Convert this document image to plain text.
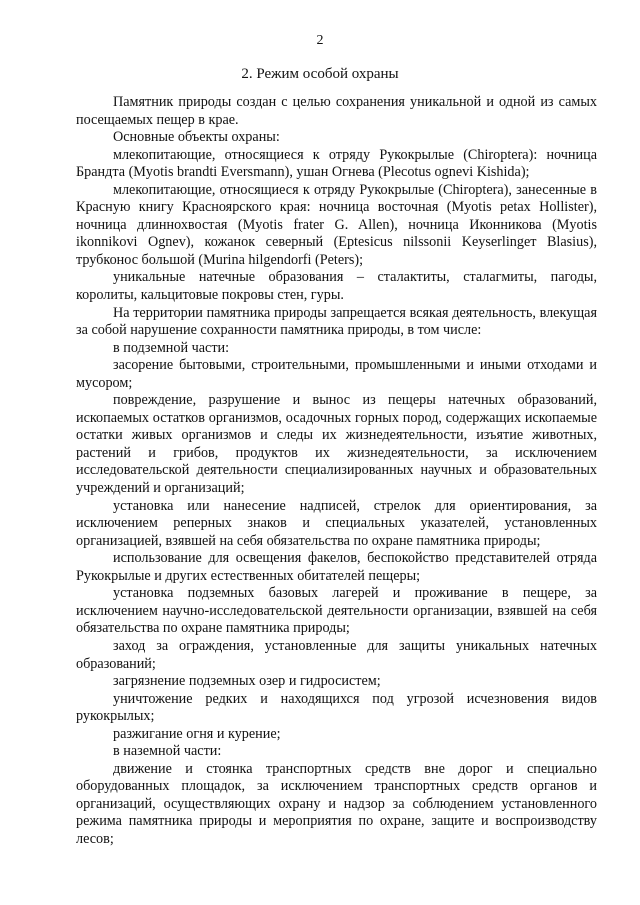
2
2. Режим особой охраны

Памятник природы создан с целью сохранения уникальной и одной из самых посещаемых пещер в крае.

Основные объекты охраны:

млекопитающие, относящиеся к отряду Рукокрылые (Chiroptera): ночница Брандта (Myotis brandti Eversmann), ушан Огнева (Plecotus ognevi Kishida);

млекопитающие, относящиеся к отряду Рукокрылые (Chiroptera), занесенные в Красную книгу Красноярского края: ночница восточная (Myotis petax Hollister), ночница длиннохвостая (Myotis frater G. Allen), ночница Иконникова (Myotis ikonnikovi Ognev), кожанок северный (Eptesicus nilssonii Keyserlingeт Blasius), трубконос большой (Murina hilgendorfi (Peters);

уникальные натечные образования – сталактиты, сталагмиты, пагоды, королиты, кальцитовые покровы стен, гуры.

На территории памятника природы запрещается всякая деятельность, влекущая за собой нарушение сохранности памятника природы, в том числе:

в подземной части:

засорение бытовыми, строительными, промышленными и иными отходами и мусором;

повреждение, разрушение и вынос из пещеры натечных образований, ископаемых остатков организмов, осадочных горных пород, содержащих ископаемые остатки живых организмов и следы их жизнедеятельности, изъятие животных, растений и грибов, продуктов их жизнедеятельности, за исключением исследовательской деятельности специализированных научных и образовательных учреждений и организаций;

установка или нанесение надписей, стрелок для ориентирования, за исключением реперных знаков и специальных указателей, установленных организацией, взявшей на себя обязательства по охране памятника природы;

использование для освещения факелов, беспокойство представителей отряда Рукокрылые и других естественных обитателей пещеры;

установка подземных базовых лагерей и проживание в пещере, за исключением научно-исследовательской деятельности организации, взявшей на себя обязательства по охране памятника природы;

заход за ограждения, установленные для защиты уникальных натечных образований;

загрязнение подземных озер и гидросистем;

уничтожение редких и находящихся под угрозой исчезновения видов рукокрылых;

разжигание огня и курение;

в наземной части:

движение и стоянка транспортных средств вне дорог и специально оборудованных площадок, за исключением транспортных средств органов и организаций, осуществляющих охрану и надзор за соблюдением установленного режима памятника природы и мероприятия по охране, защите и воспроизводству лесов;
